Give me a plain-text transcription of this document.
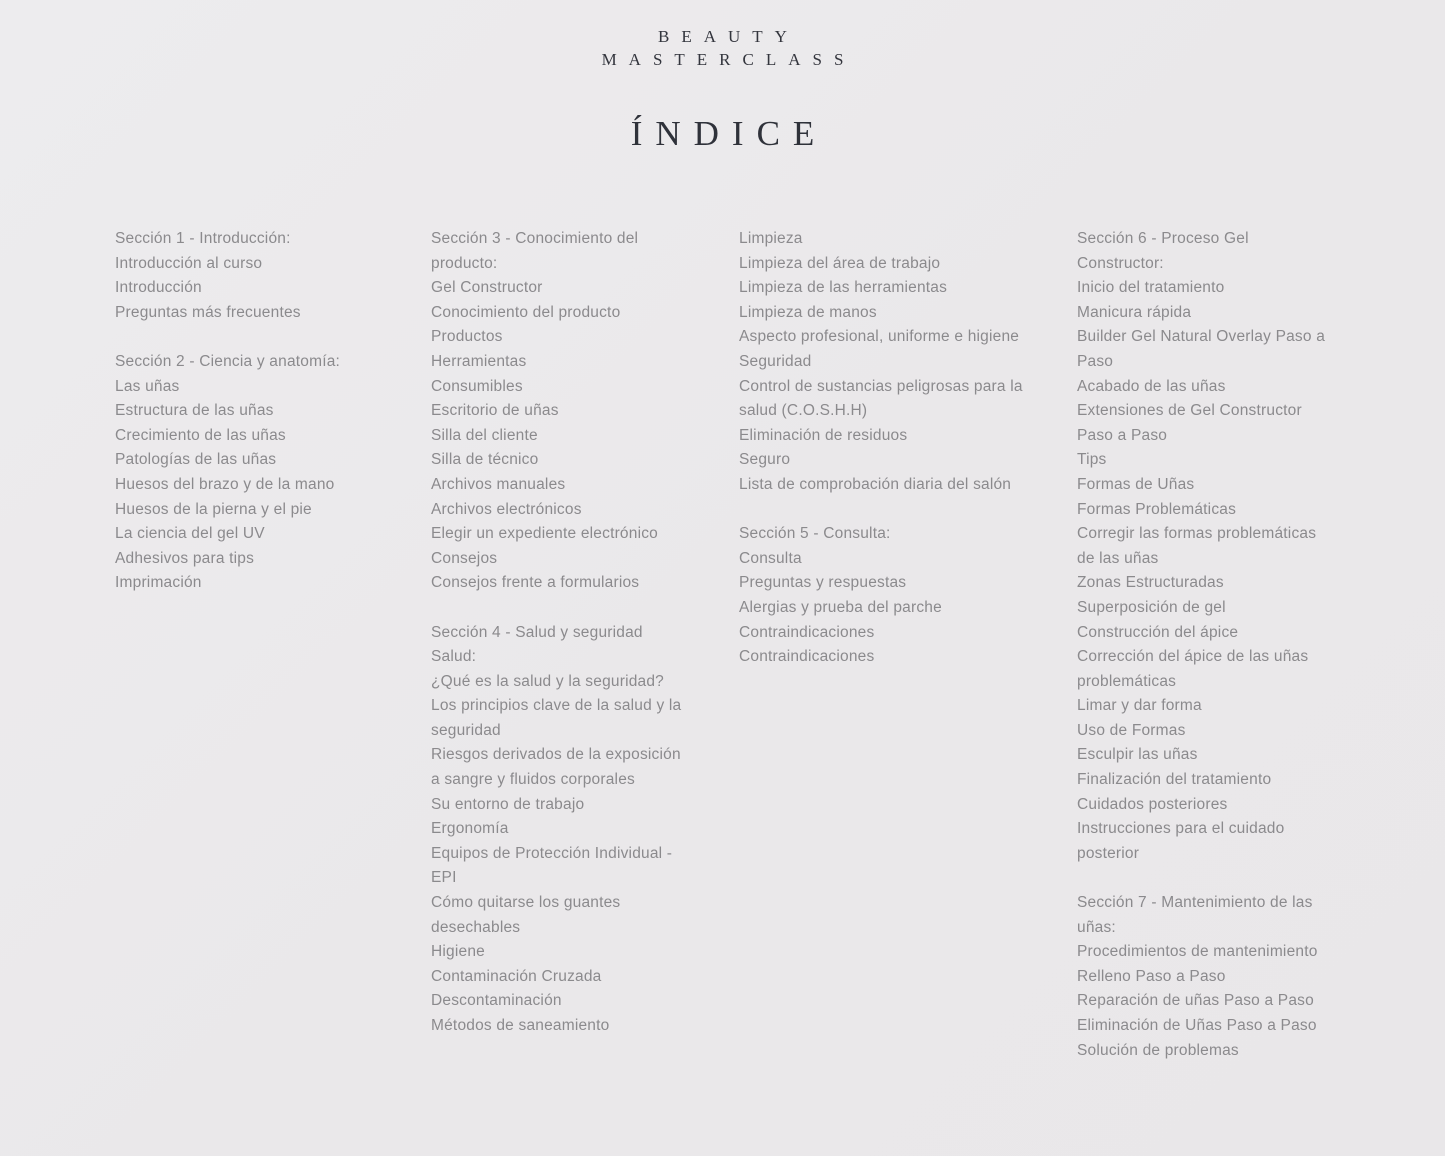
BEAUTY
MASTERCLASS
ÍNDICE
Sección 1 - Introducción:
Introducción al curso
Introducción
Preguntas más frecuentes
Sección 2 - Ciencia y anatomía:
Las uñas
Estructura de las uñas
Crecimiento de las uñas
Patologías de las uñas
Huesos del brazo y de la mano
Huesos de la pierna y el pie
La ciencia del gel UV
Adhesivos para tips
Imprimación
Sección 3 - Conocimiento del
producto:
Gel Constructor
Conocimiento del producto
Productos
Herramientas
Consumibles
Escritorio de uñas
Silla del cliente
Silla de técnico
Archivos manuales
Archivos electrónicos
Elegir un expediente electrónico
Consejos
Consejos frente a formularios
Sección 4 - Salud y seguridad
Salud:
¿Qué es la salud y la seguridad?
Los principios clave de la salud y la
seguridad
Riesgos derivados de la exposición
a sangre y fluidos corporales
Su entorno de trabajo
Ergonomía
Equipos de Protección Individual -
EPI
Cómo quitarse los guantes
desechables
Higiene
Contaminación Cruzada
Descontaminación
Métodos de saneamiento
Limpieza
Limpieza del área de trabajo
Limpieza de las herramientas
Limpieza de manos
Aspecto profesional, uniforme e higiene
Seguridad
Control de sustancias peligrosas para la
salud (C.O.S.H.H)
Eliminación de residuos
Seguro
Lista de comprobación diaria del salón
Sección 5 - Consulta:
Consulta
Preguntas y respuestas
Alergias y prueba del parche
Contraindicaciones
Contraindicaciones
Sección 6 - Proceso Gel
Constructor:
Inicio del tratamiento
Manicura rápida
Builder Gel Natural Overlay Paso a
Paso
Acabado de las uñas
Extensiones de Gel Constructor
Paso a Paso
Tips
Formas de Uñas
Formas Problemáticas
Corregir las formas problemáticas
de las uñas
Zonas Estructuradas
Superposición de gel
Construcción del ápice
Corrección del ápice de las uñas
problemáticas
Limar y dar forma
Uso de Formas
Esculpir las uñas
Finalización del tratamiento
Cuidados posteriores
Instrucciones para el cuidado
posterior
Sección 7 - Mantenimiento de las
uñas:
Procedimientos de mantenimiento
Relleno Paso a Paso
Reparación de uñas Paso a Paso
Eliminación de Uñas Paso a Paso
Solución de problemas
